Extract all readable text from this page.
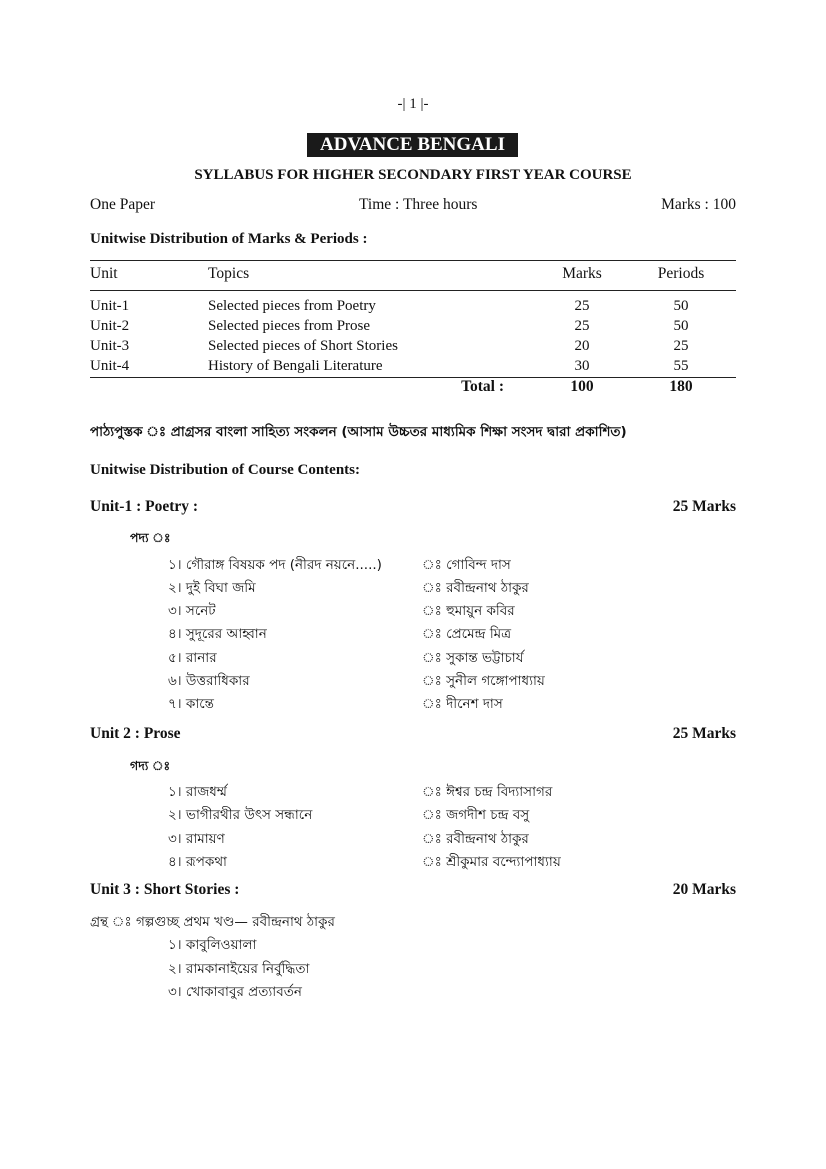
-| 1 |-
ADVANCE BENGALI
SYLLABUS FOR HIGHER SECONDARY FIRST YEAR COURSE
One Paper	Time : Three hours	Marks : 100
Unitwise Distribution of Marks & Periods :
Unit	Topics	Marks	Periods
Unit-1	Selected pieces from Poetry	25	50
Unit-2	Selected pieces from Prose	25	50
Unit-3	Selected pieces of Short Stories	20	25
Unit-4	History of Bengali Literature	30	55
Total :	100	180
পাঠ্যপুস্তক ঃ প্রাগ্রসর বাংলা সাহিত্য সংকলন (আসাম উচ্চতর মাধ্যমিক শিক্ষা সংসদ দ্বারা প্রকাশিত)
Unitwise Distribution of Course Contents:
Unit-1 : Poetry :	25 Marks
পদ্য ঃ
১। গৌরাঙ্গ বিষয়ক পদ (নীরদ নয়নে.....)	ঃ গোবিন্দ দাস
২। দুই বিঘা জমি	ঃ রবীন্দ্রনাথ ঠাকুর
৩। সনেট	ঃ হুমায়ুন কবির
৪। সুদূরের আহ্বান	ঃ প্রেমেন্দ্র মিত্র
৫। রানার	ঃ সুকান্ত ভট্টাচার্য
৬। উত্তরাধিকার	ঃ সুনীল গঙ্গোপাধ্যায়
৭। কান্তে	ঃ দীনেশ দাস
Unit 2 : Prose	25 Marks
গদ্য ঃ
১। রাজধর্ম্ম	ঃ ঈশ্বর চন্দ্র বিদ্যাসাগর
২। ভাগীরথীর উৎস সন্ধানে	ঃ জগদীশ চন্দ্র বসু
৩। রামায়ণ	ঃ রবীন্দ্রনাথ ঠাকুর
৪। রূপকথা	ঃ শ্রীকুমার বন্দ্যোপাধ্যায়
Unit 3 : Short Stories :	20 Marks
গ্রন্থ ঃ গল্পগুচ্ছ প্রথম খণ্ড— রবীন্দ্রনাথ ঠাকুর
১। কাবুলিওয়ালা
২। রামকানাইয়ের নির্বুদ্ধিতা
৩। খোকাবাবুর প্রত্যাবর্তন
